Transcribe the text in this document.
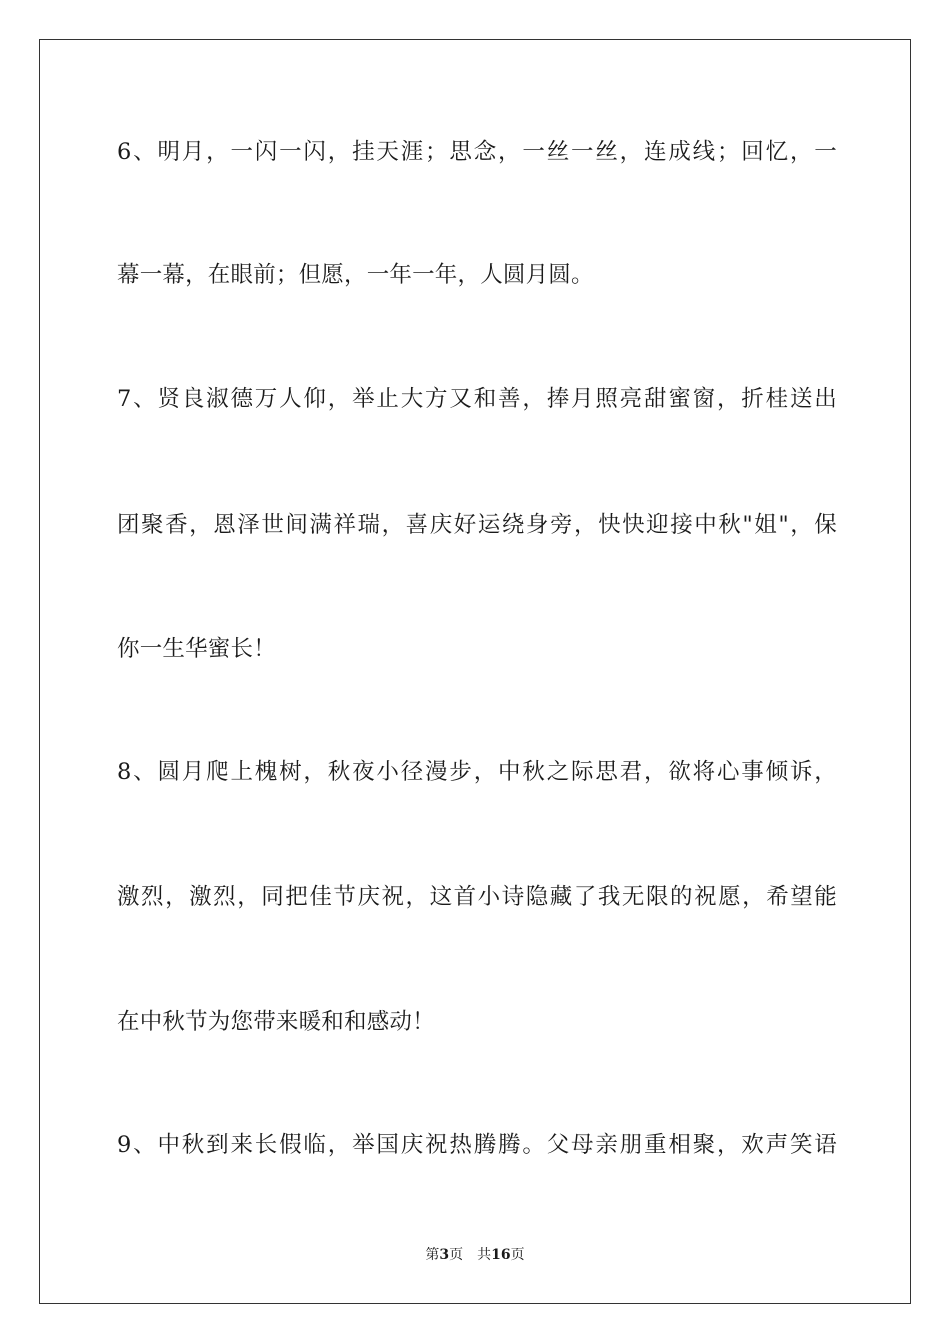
6、明月，一闪一闪，挂天涯；思念，一丝一丝，连成线；回忆，一
幕一幕，在眼前；但愿，一年一年，人圆月圆。
7、贤良淑德万人仰，举止大方又和善，捧月照亮甜蜜窗，折桂送出
团聚香，恩泽世间满祥瑞，喜庆好运绕身旁，快快迎接中秋"姐"，保
你一生华蜜长！
8、圆月爬上槐树，秋夜小径漫步，中秋之际思君，欲将心事倾诉，
激烈，激烈，同把佳节庆祝，这首小诗隐藏了我无限的祝愿，希望能
在中秋节为您带来暖和和感动！
9、中秋到来长假临，举国庆祝热腾腾。父母亲朋重相聚，欢声笑语
第3页 共16页
